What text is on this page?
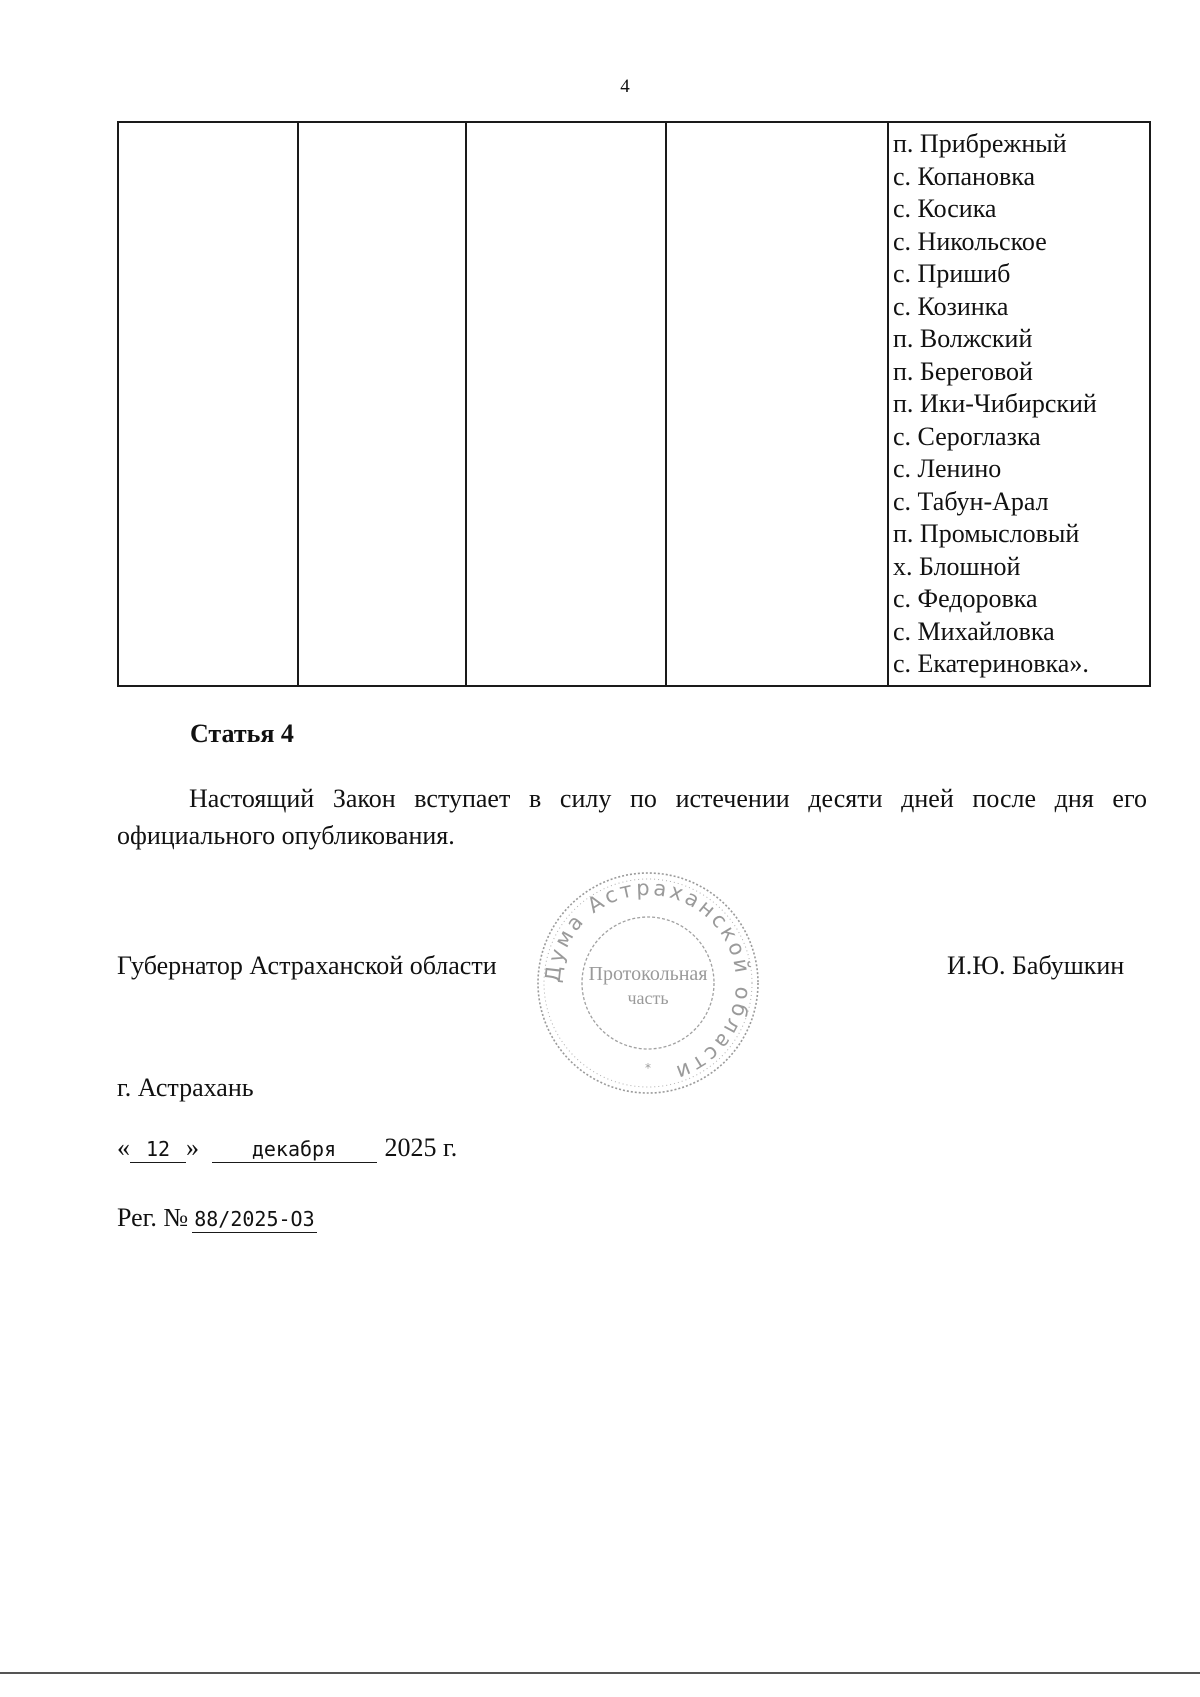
4

п. Прибрежный
с. Копановка
с. Косика
с. Никольское
с. Пришиб
с. Козинка
п. Волжский
п. Береговой
п. Ики-Чибирский
с. Сероглазка
с. Ленино
с. Табун-Арал
п. Промысловый
х. Блошной
с. Федоровка
с. Михайловка
с. Екатериновка».
Статья 4

Настоящий Закон вступает в силу по истечении десяти дней после дня его официального опубликования.

Губернатор Астраханской области Дума Астраханской области
Протокольная
часть
*
И.Ю. Бабушкин
г. Астрахань
« 12 »	декабря 2025 г.
Рег. № 88/2025-ОЗ
